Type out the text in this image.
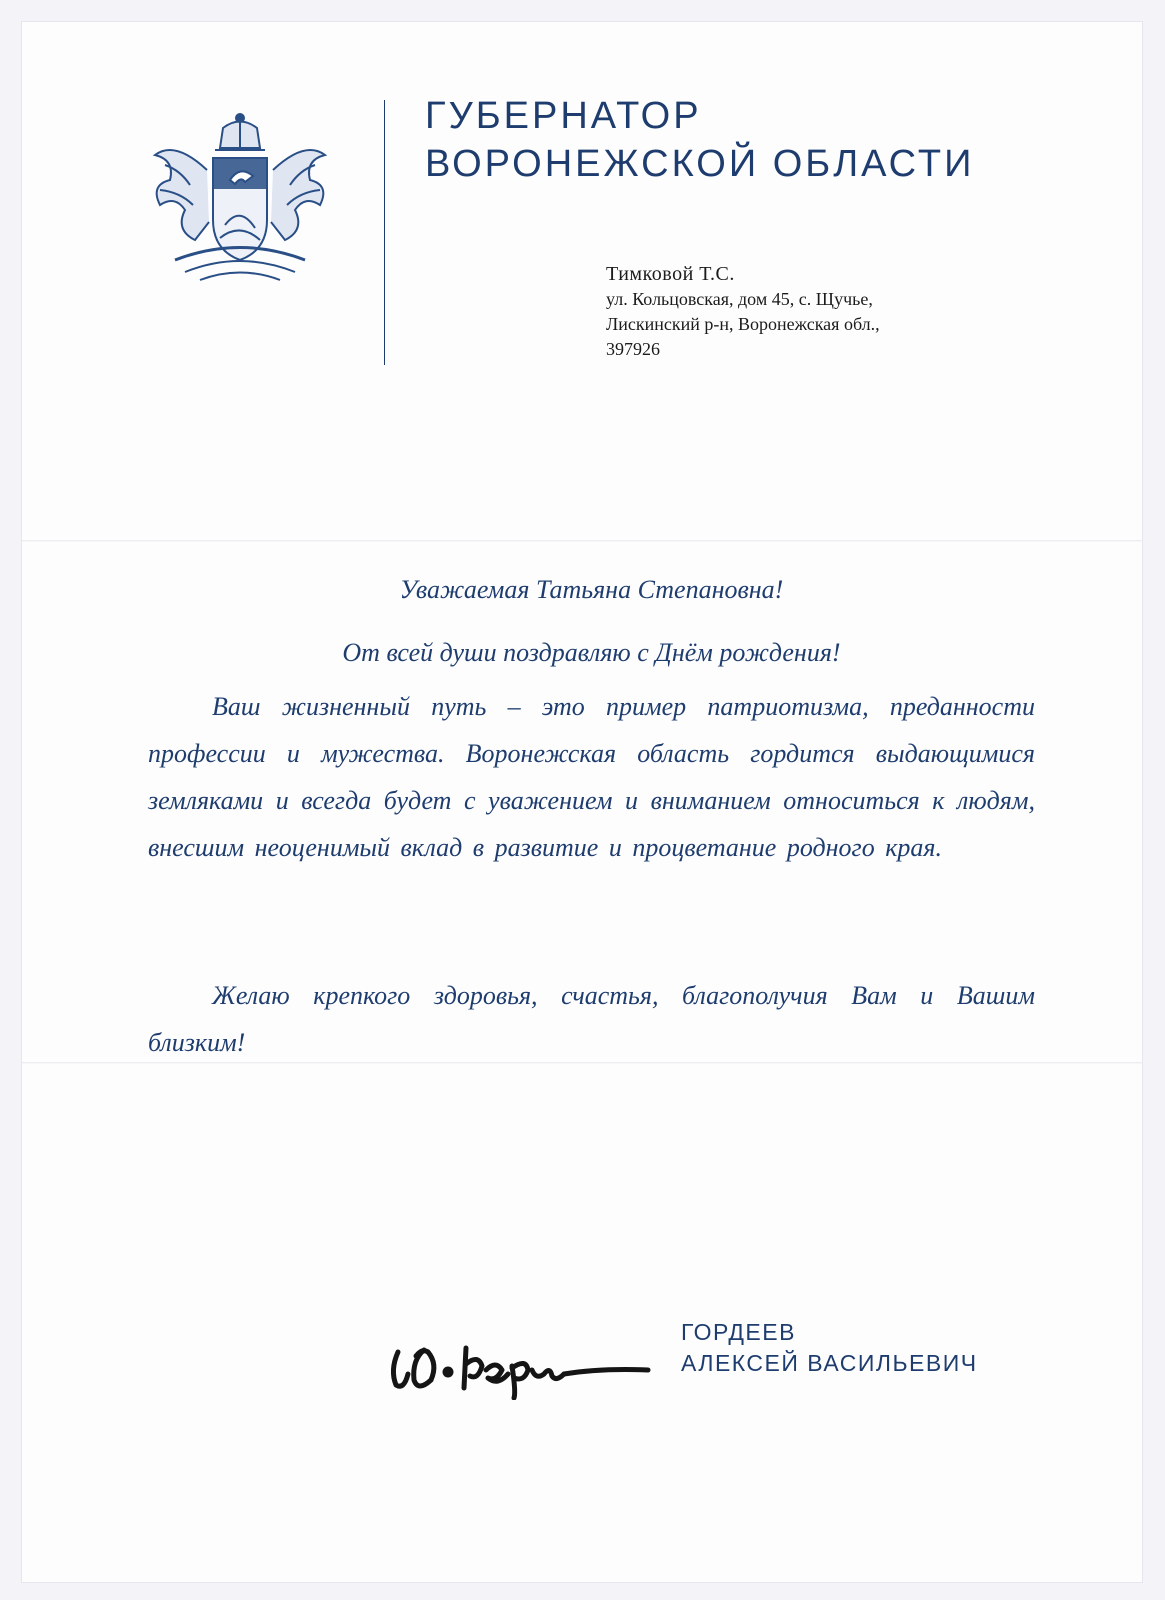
ГУБЕРНАТОР
ВОРОНЕЖСКОЙ ОБЛАСТИ
Тимковой Т.С.
ул. Кольцовская, дом 45, с. Щучье,
Лискинский р-н, Воронежская обл.,
397926
Уважаемая Татьяна Степановна!
От всей души поздравляю с Днём рождения!
Ваш жизненный путь – это пример патриотизма, преданности профессии и мужества. Воронежская область гордится выдающимися земляками и всегда будет с уважением и вниманием относиться к людям, внесшим неоценимый вклад в развитие и процветание родного края.
Желаю крепкого здоровья, счастья, благополучия Вам и Вашим близким!
ГОРДЕЕВ
АЛЕКСЕЙ ВАСИЛЬЕВИЧ
